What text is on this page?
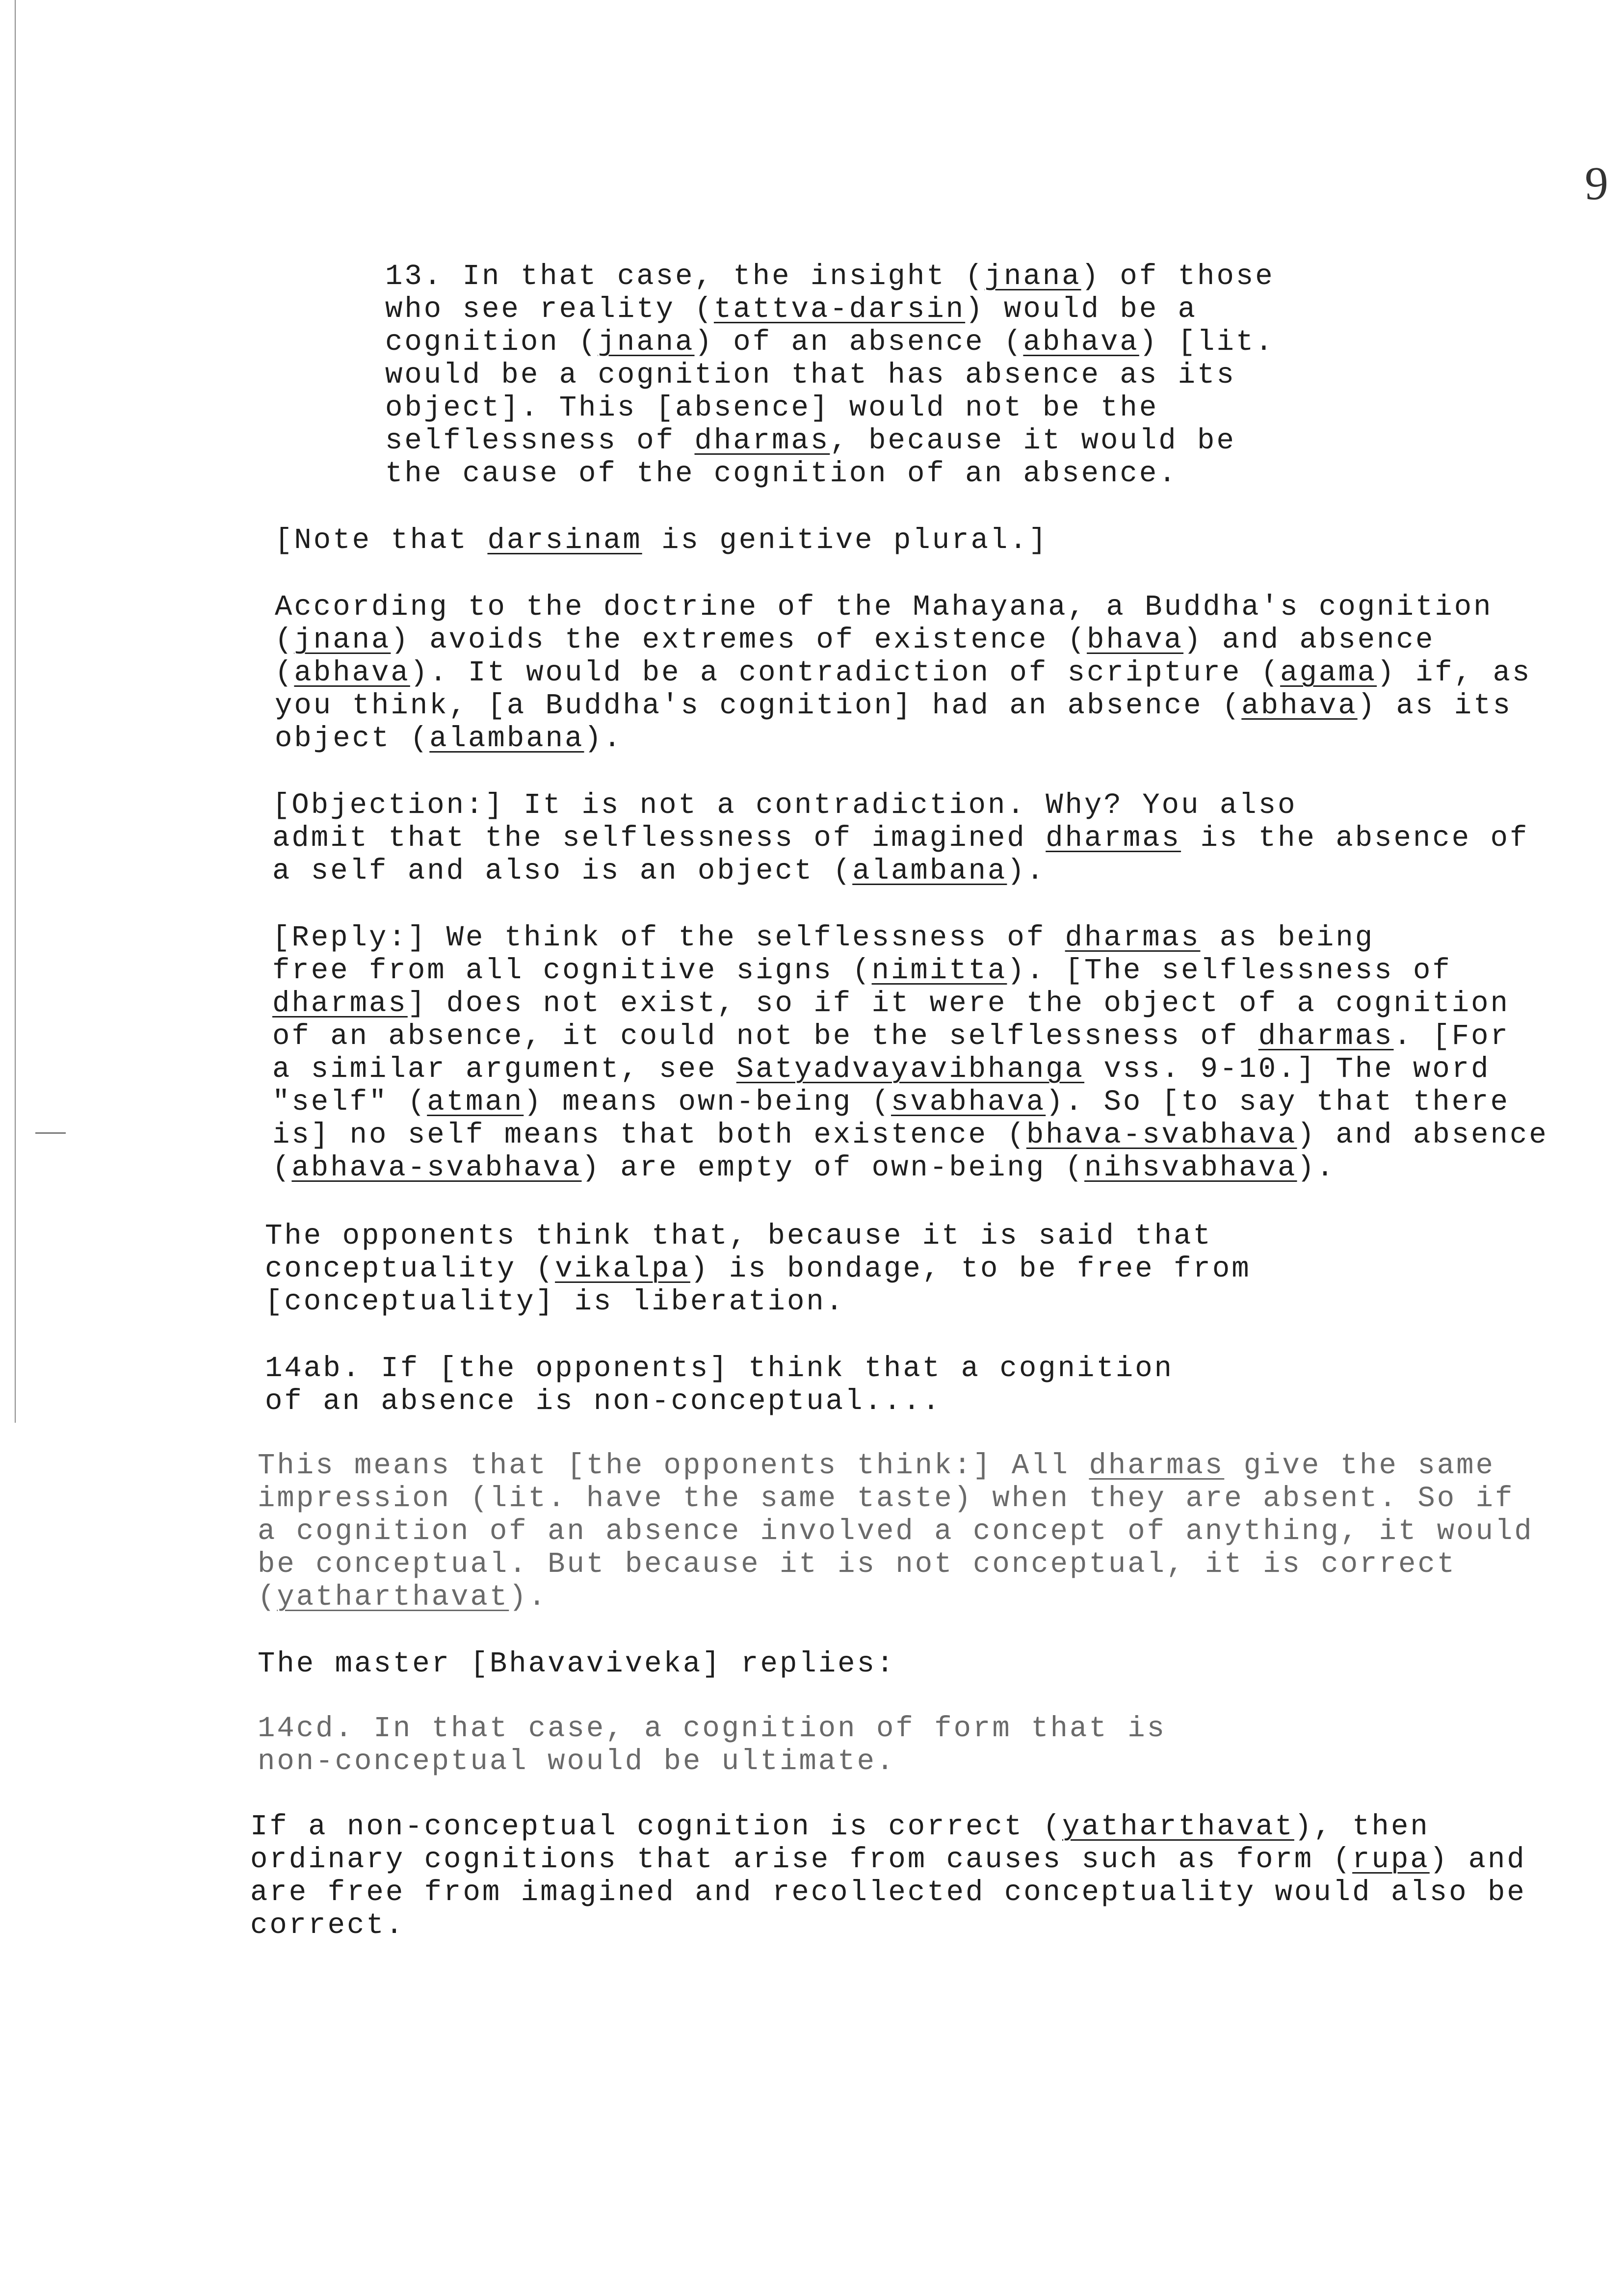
9
13. In that case, the insight (jnana) of those
who see reality (tattva-darsin) would be a
cognition (jnana) of an absence (abhava) [lit.
would be a cognition that has absence as its
object]. This [absence] would not be the
selflessness of dharmas, because it would be
the cause of the cognition of an absence.
[Note that darsinam is genitive plural.]
According to the doctrine of the Mahayana, a Buddha's cognition
(jnana) avoids the extremes of existence (bhava) and absence
(abhava). It would be a contradiction of scripture (agama) if, as
you think, [a Buddha's cognition] had an absence (abhava) as its
object (alambana).
[Objection:] It is not a contradiction. Why? You also
admit that the selflessness of imagined dharmas is the absence of
a self and also is an object (alambana).
[Reply:] We think of the selflessness of dharmas as being
free from all cognitive signs (nimitta). [The selflessness of
dharmas] does not exist, so if it were the object of a cognition
of an absence, it could not be the selflessness of dharmas. [For
a similar argument, see Satyadvayavibhanga vss. 9-10.] The word
"self" (atman) means own-being (svabhava). So [to say that there
is] no self means that both existence (bhava-svabhava) and absence
(abhava-svabhava) are empty of own-being (nihsvabhava).
The opponents think that, because it is said that
conceptuality (vikalpa) is bondage, to be free from
[conceptuality] is liberation.
14ab. If [the opponents] think that a cognition
of an absence is non-conceptual....
This means that [the opponents think:] All dharmas give the same
impression (lit. have the same taste) when they are absent. So if
a cognition of an absence involved a concept of anything, it would
be conceptual. But because it is not conceptual, it is correct
(yatharthavat).
The master [Bhavaviveka] replies:
14cd. In that case, a cognition of form that is
non-conceptual would be ultimate.
If a non-conceptual cognition is correct (yatharthavat), then
ordinary cognitions that arise from causes such as form (rupa) and
are free from imagined and recollected conceptuality would also be
correct.
